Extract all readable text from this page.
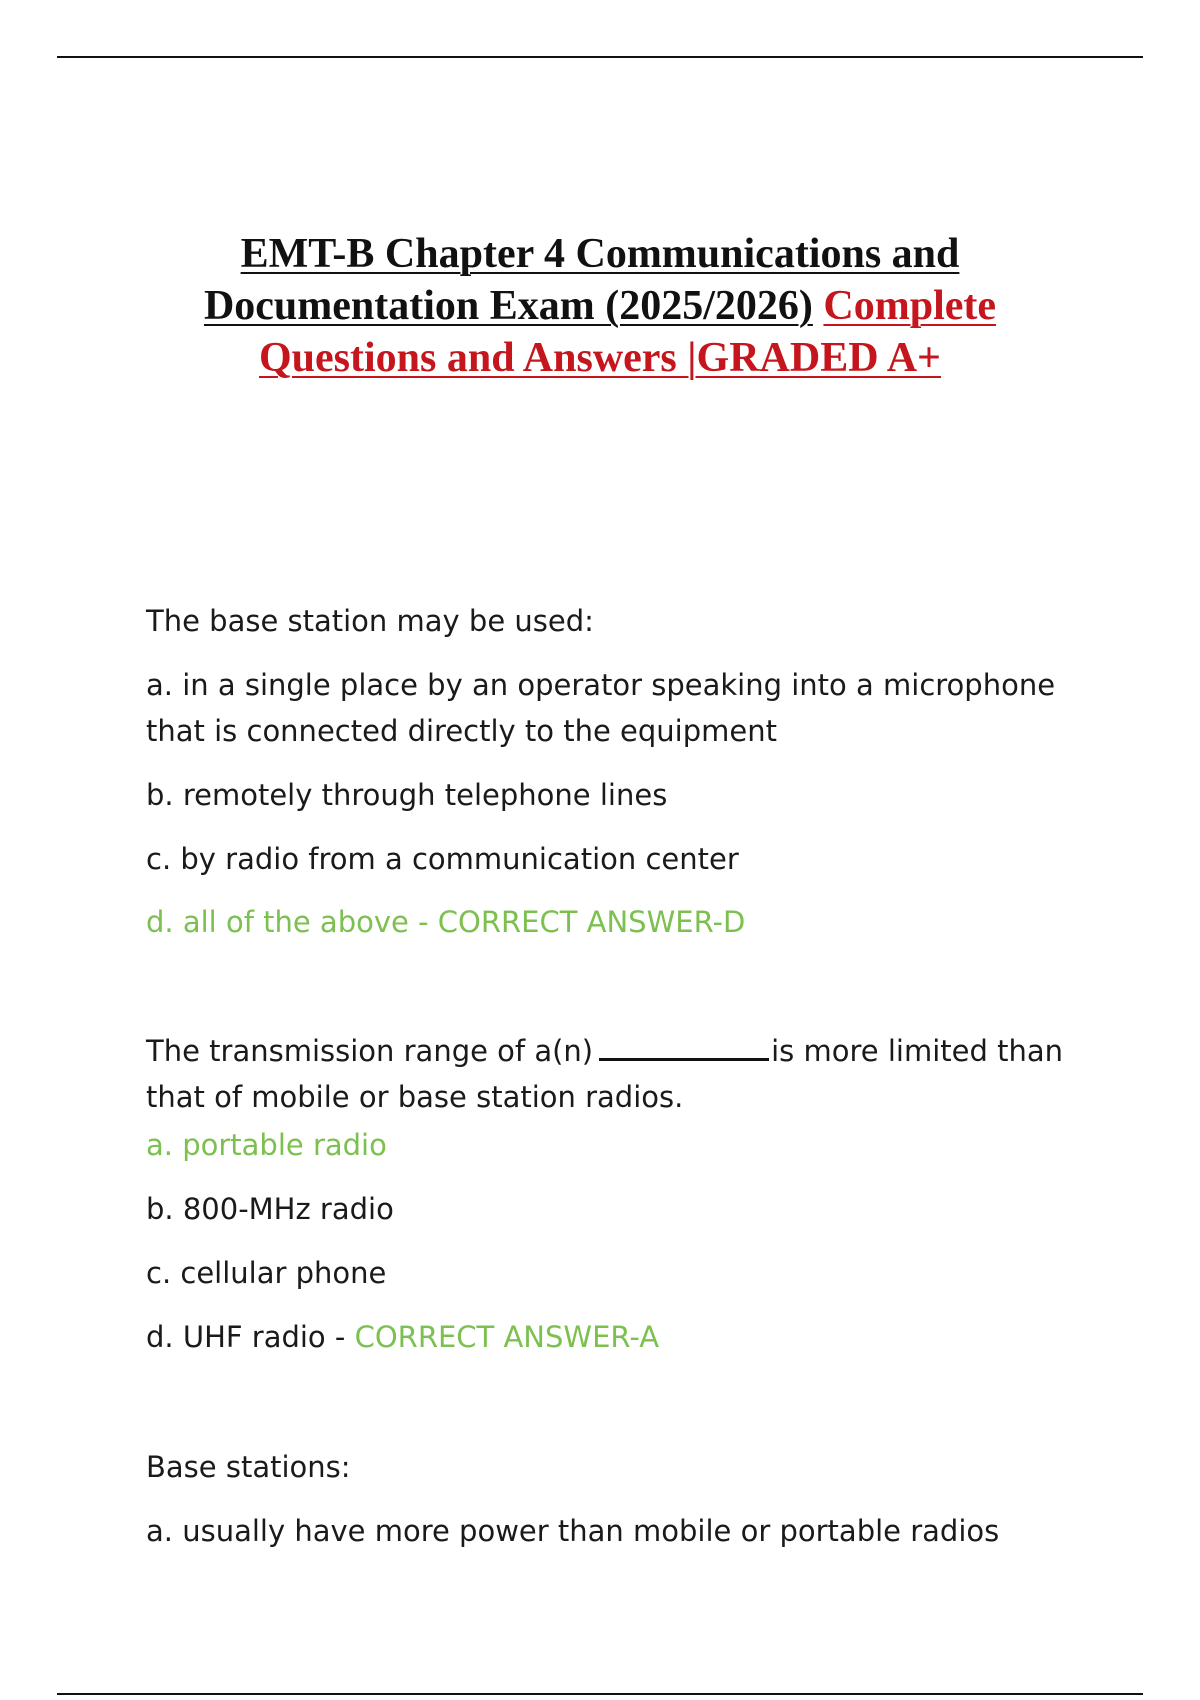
EMT-B Chapter 4 Communications and
Documentation Exam (2025/2026) Complete
Questions and Answers |GRADED A+

The base station may be used:

a. in a single place by an operator speaking into a microphone

that is connected directly to the equipment

b. remotely through telephone lines

c. by radio from a communication center

d. all of the above - CORRECT ANSWER-D

The transmission range of a(n)	is more limited than

that of mobile or base station radios.

a. portable radio

b. 800-MHz radio

c. cellular phone

d. UHF radio - CORRECT ANSWER-A

Base stations:

a. usually have more power than mobile or portable radios
